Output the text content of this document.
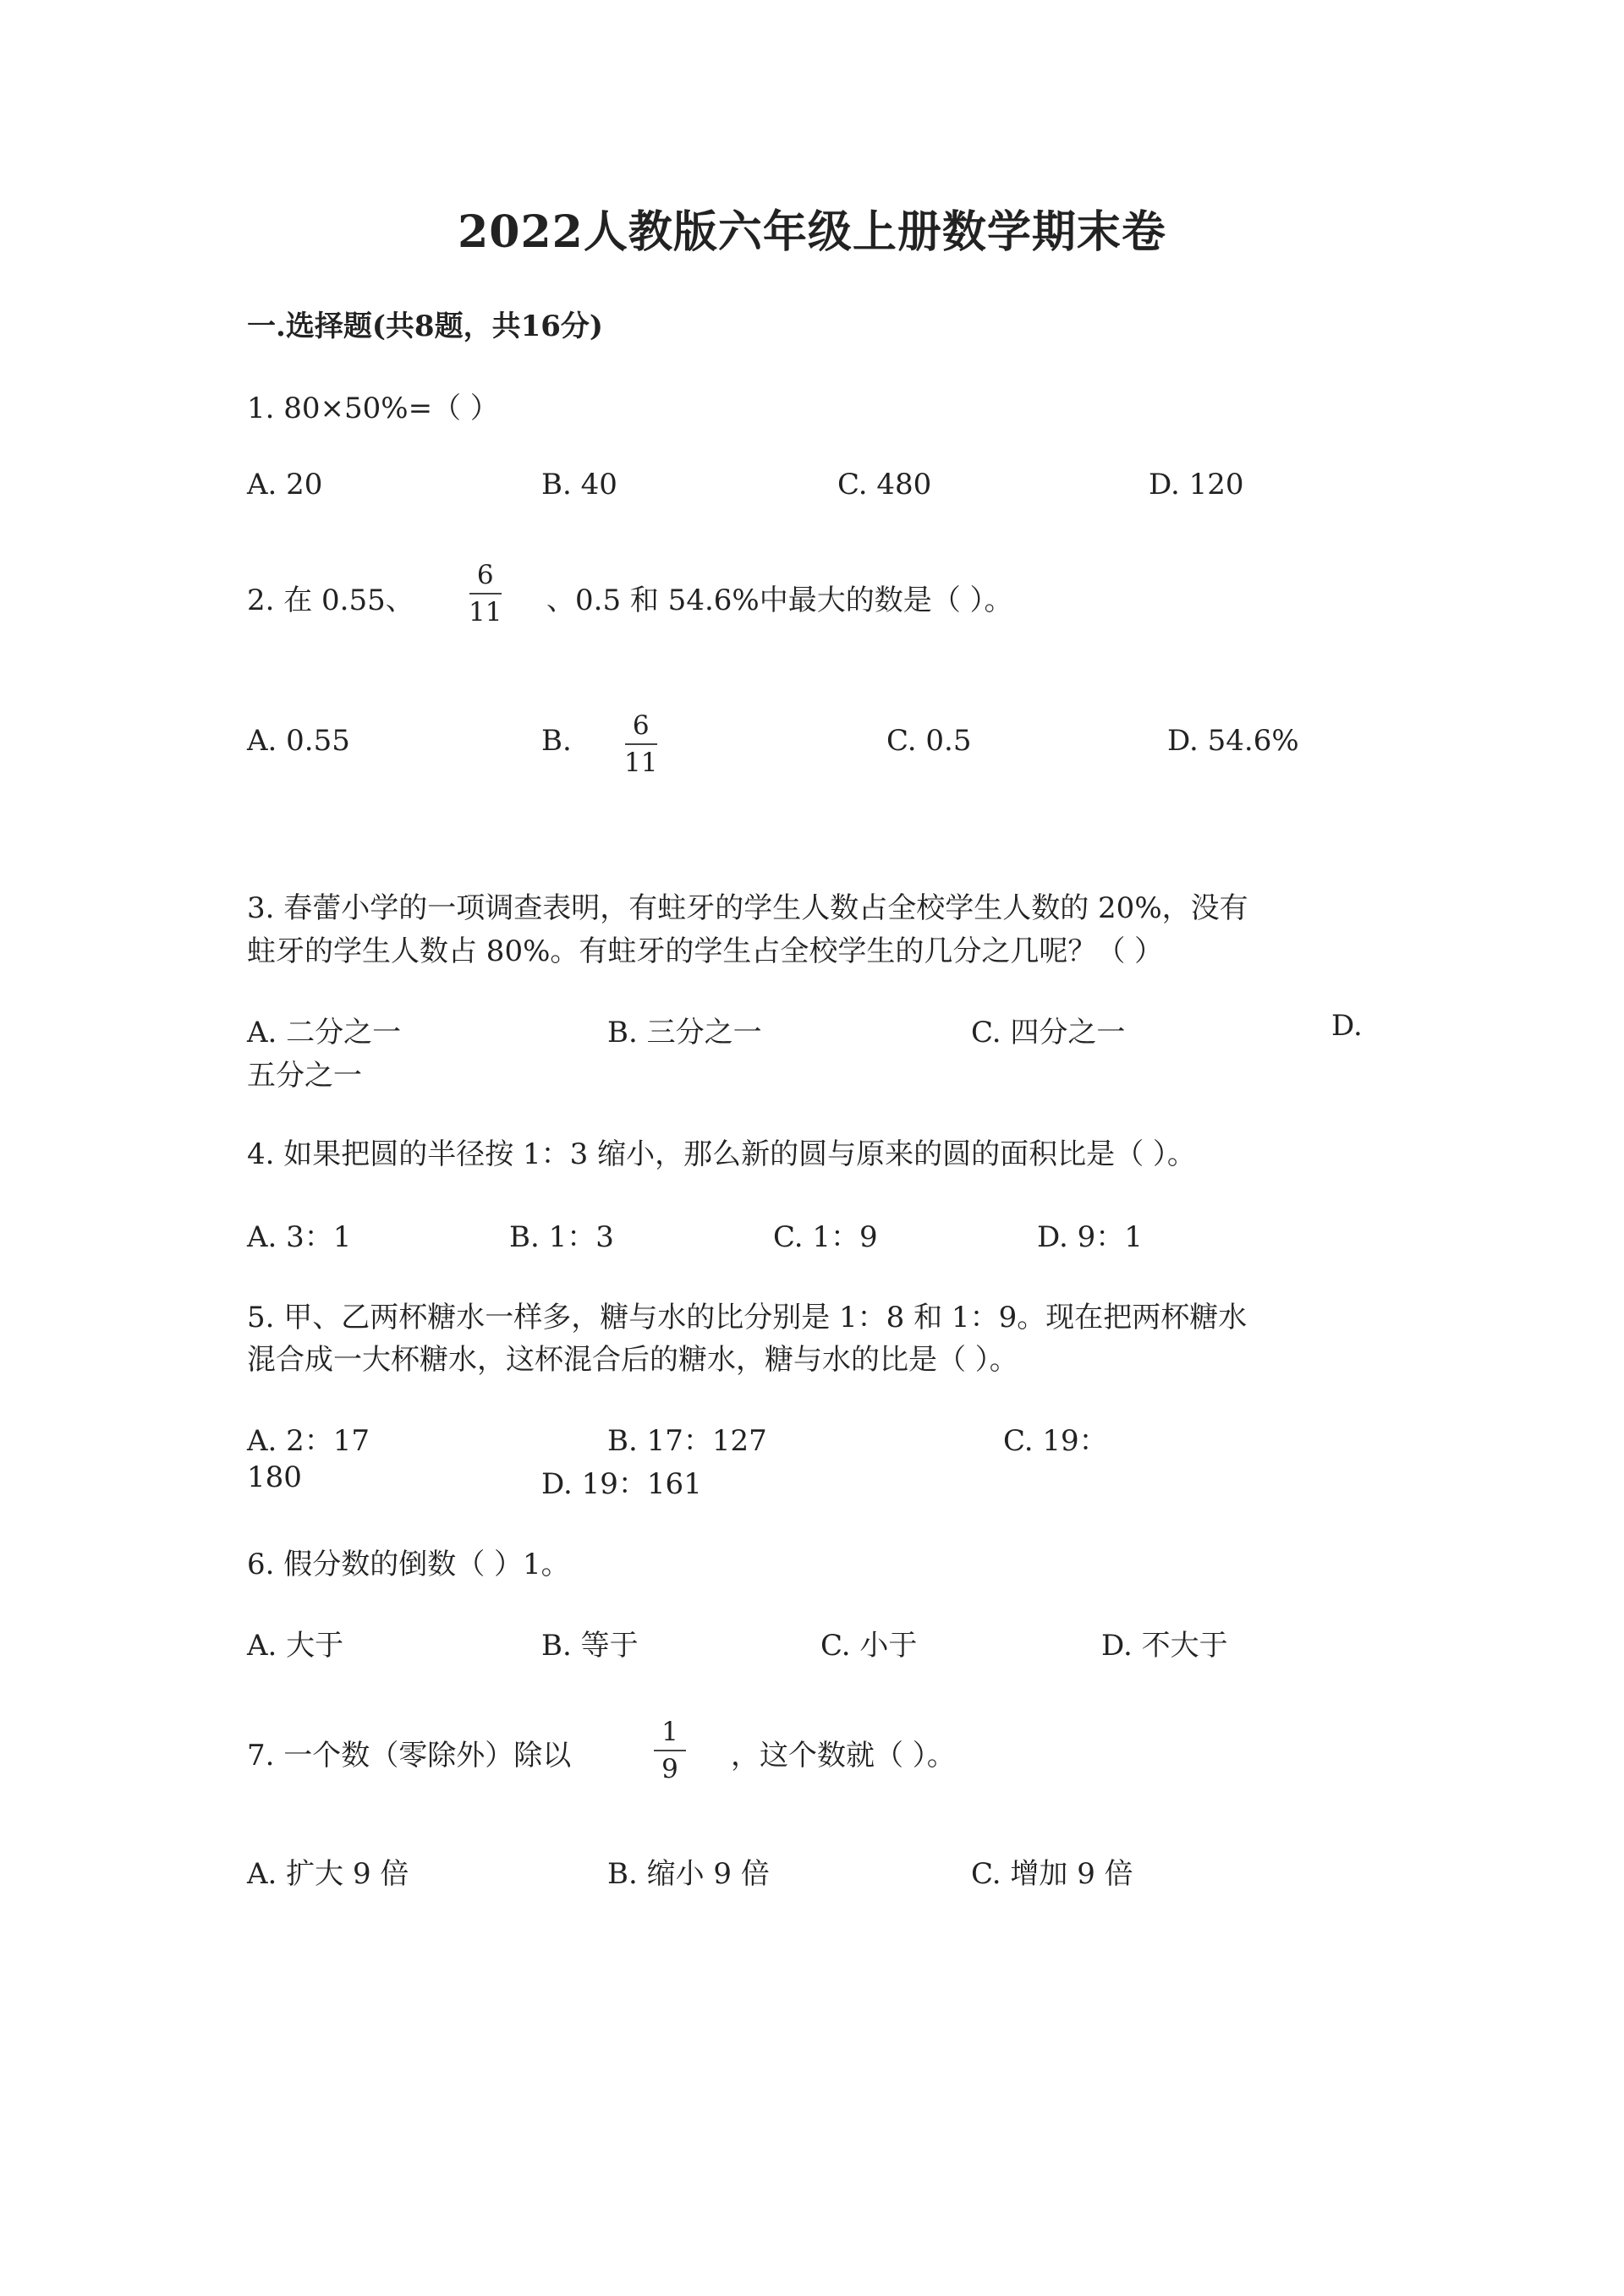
2022人教版六年级上册数学期末卷
一.选择题(共8题，共16分)
1. 80×50%=（ ）
A. 20	B. 40	C. 480	D. 120
2. 在 0.55、
6
11 、0.5 和 54.6%中最大的数是（ ）。
A. 0.55	B. 6
11
C. 0.5	D. 54.6%
3. 春蕾小学的一项调查表明，有蛀牙的学生人数占全校学生人数的 20%，没有
蛀牙的学生人数占 80%。有蛀牙的学生占全校学生的几分之几呢？（ ）
A. 二分之一	B. 三分之一	C. 四分之一	D.
五分之一
4. 如果把圆的半径按 1：3 缩小，那么新的圆与原来的圆的面积比是（ ）。
A. 3：1	B. 1：3	C. 1：9	D. 9：1
5. 甲、乙两杯糖水一样多，糖与水的比分别是 1：8 和 1：9。现在把两杯糖水
混合成一大杯糖水，这杯混合后的糖水，糖与水的比是（ ）。
A. 2：17	B. 17：127	C. 19：
180	D. 19：161
6. 假分数的倒数（ ）1。
A. 大于	B. 等于	C. 小于	D. 不大于
7. 一个数（零除外）除以
1
9 ，这个数就（ ）。
A. 扩大 9 倍	B. 缩小 9 倍	C. 增加 9 倍
